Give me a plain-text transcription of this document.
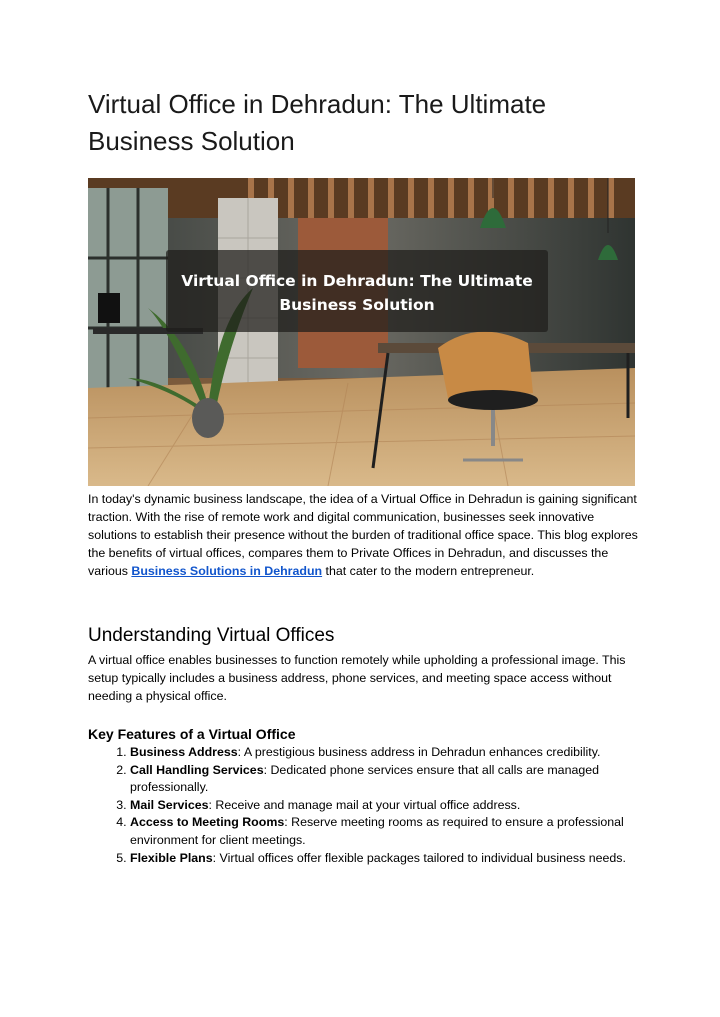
Virtual Office in Dehradun: The Ultimate Business Solution
Virtual Office in Dehradun: The Ultimate
Business Solution

In today's dynamic business landscape, the idea of a Virtual Office in Dehradun is gaining significant traction. With the rise of remote work and digital communication, businesses seek innovative solutions to establish their presence without the burden of traditional office space. This blog explores the benefits of virtual offices, compares them to Private Offices in Dehradun, and discusses the various Business Solutions in Dehradun that cater to the modern entrepreneur.

Understanding Virtual Offices

A virtual office enables businesses to function remotely while upholding a professional image. This setup typically includes a business address, phone services, and meeting space access without needing a physical office.

Key Features of a Virtual Office
1. Business Address: A prestigious business address in Dehradun enhances credibility.
2. Call Handling Services: Dedicated phone services ensure that all calls are managed professionally.
3. Mail Services: Receive and manage mail at your virtual office address.
4. Access to Meeting Rooms: Reserve meeting rooms as required to ensure a professional environment for client meetings.
5. Flexible Plans: Virtual offices offer flexible packages tailored to individual business needs.
